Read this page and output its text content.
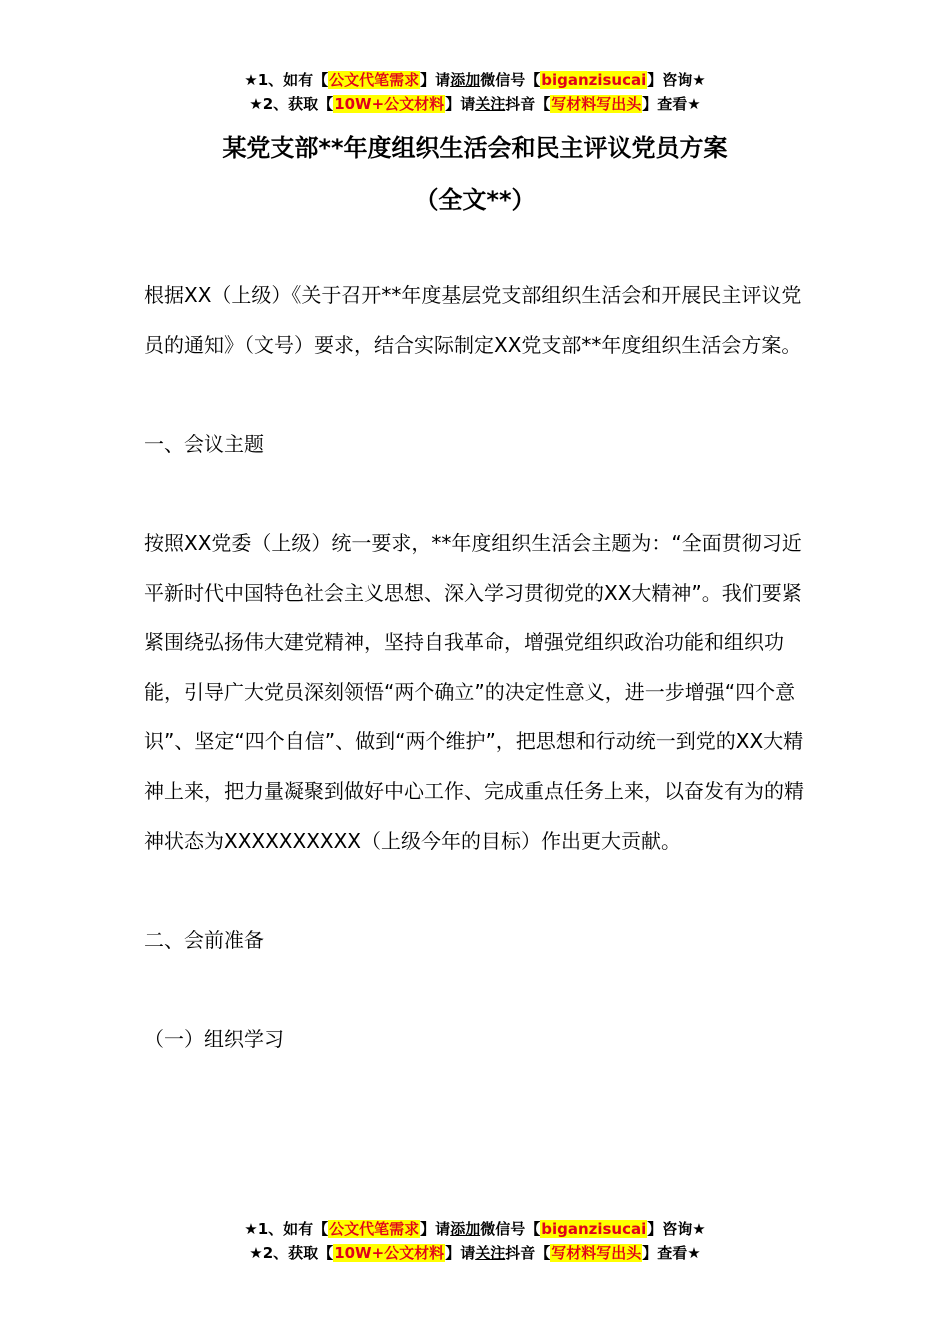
★1、如有【公文代笔需求】请添加微信号【biganzisucai】咨询★
★2、获取【10W+公文材料】请关注抖音【写材料写出头】查看★
某党支部**年度组织生活会和民主评议党员方案
（全文**）

根据XX（上级）《关于召开**年度基层党支部组织生活会和开展民主评议党员的通知》（文号）要求，结合实际制定XX党支部**年度组织生活会方案。

一、会议主题

按照XX党委（上级）统一要求，**年度组织生活会主题为：“全面贯彻习近平新时代中国特色社会主义思想、深入学习贯彻党的XX大精神”。我们要紧紧围绕弘扬伟大建党精神，坚持自我革命，增强党组织政治功能和组织功能，引导广大党员深刻领悟“两个确立”的决定性意义，进一步增强“四个意识”、坚定“四个自信”、做到“两个维护”，把思想和行动统一到党的XX大精神上来，把力量凝聚到做好中心工作、完成重点任务上来，以奋发有为的精神状态为XXXXXXXXXX（上级今年的目标）作出更大贡献。

二、会前准备

（一）组织学习

★1、如有【公文代笔需求】请添加微信号【biganzisucai】咨询★
★2、获取【10W+公文材料】请关注抖音【写材料写出头】查看★
